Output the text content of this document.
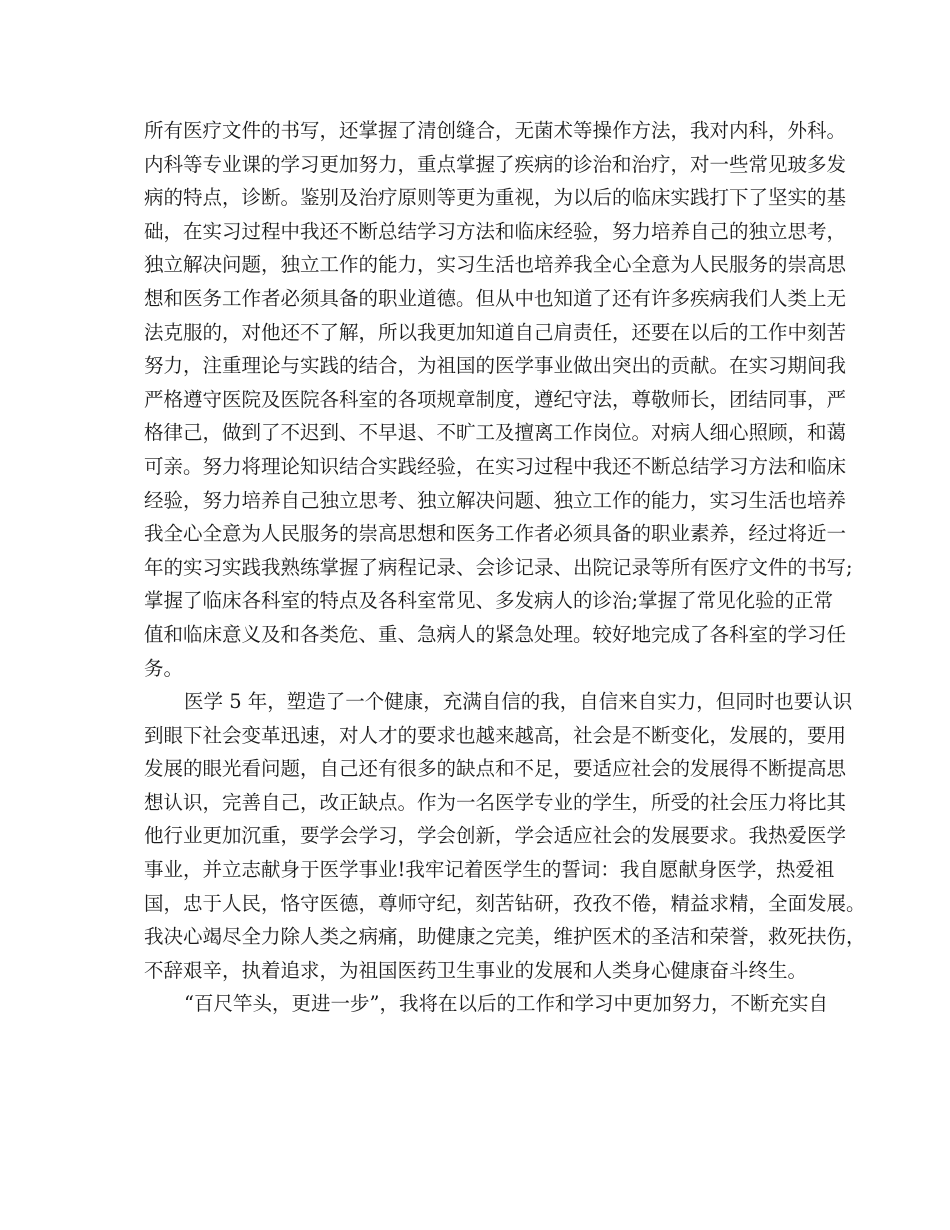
所有医疗文件的书写，还掌握了清创缝合，无菌术等操作方法，我对内科，外科。
内科等专业课的学习更加努力，重点掌握了疾病的诊治和治疗，对一些常见玻多发
病的特点，诊断。鉴别及治疗原则等更为重视，为以后的临床实践打下了坚实的基
础，在实习过程中我还不断总结学习方法和临床经验，努力培养自己的独立思考，
独立解决问题，独立工作的能力，实习生活也培养我全心全意为人民服务的崇高思
想和医务工作者必须具备的职业道德。但从中也知道了还有许多疾病我们人类上无
法克服的，对他还不了解，所以我更加知道自己肩责任，还要在以后的工作中刻苦
努力，注重理论与实践的结合，为祖国的医学事业做出突出的贡献。在实习期间我
严格遵守医院及医院各科室的各项规章制度，遵纪守法，尊敬师长，团结同事，严
格律己，做到了不迟到、不早退、不旷工及擅离工作岗位。对病人细心照顾，和蔼
可亲。努力将理论知识结合实践经验，在实习过程中我还不断总结学习方法和临床
经验，努力培养自己独立思考、独立解决问题、独立工作的能力，实习生活也培养
我全心全意为人民服务的崇高思想和医务工作者必须具备的职业素养，经过将近一
年的实习实践我熟练掌握了病程记录、会诊记录、出院记录等所有医疗文件的书写;
掌握了临床各科室的特点及各科室常见、多发病人的诊治;掌握了常见化验的正常
值和临床意义及和各类危、重、急病人的紧急处理。较好地完成了各科室的学习任
务。
医学 5 年，塑造了一个健康，充满自信的我，自信来自实力，但同时也要认识
到眼下社会变革迅速，对人才的要求也越来越高，社会是不断变化，发展的，要用
发展的眼光看问题，自己还有很多的缺点和不足，要适应社会的发展得不断提高思
想认识，完善自己，改正缺点。作为一名医学专业的学生，所受的社会压力将比其
他行业更加沉重，要学会学习，学会创新，学会适应社会的发展要求。我热爱医学
事业，并立志献身于医学事业!我牢记着医学生的誓词：我自愿献身医学，热爱祖
国，忠于人民，恪守医德，尊师守纪，刻苦钻研，孜孜不倦，精益求精，全面发展。
我决心竭尽全力除人类之病痛，助健康之完美，维护医术的圣洁和荣誉，救死扶伤，
不辞艰辛，执着追求，为祖国医药卫生事业的发展和人类身心健康奋斗终生。
“百尺竿头，更进一步”，我将在以后的工作和学习中更加努力，不断充实自
